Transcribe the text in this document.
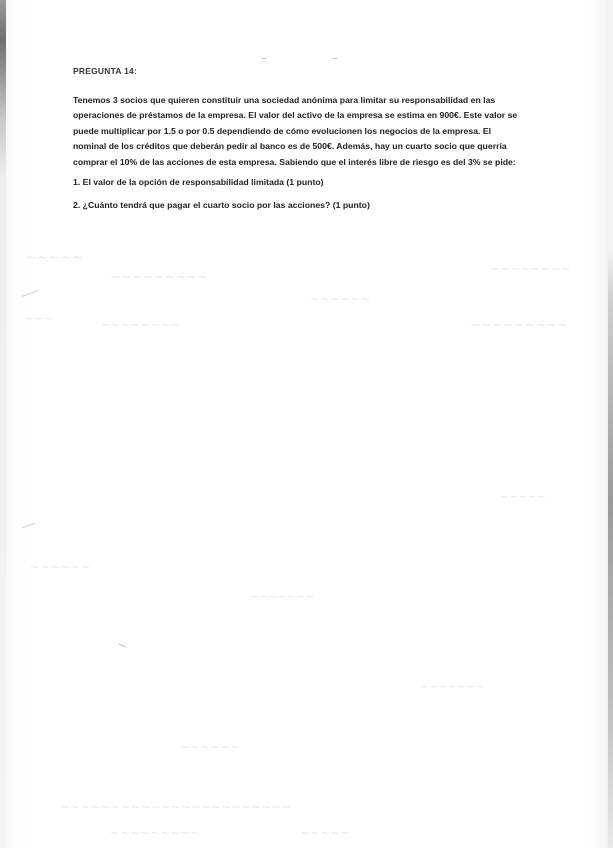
~~~~~
~~~~~~~~~
~~~~~~
~~~~~~~~
~~~	~~~~~~~~	~~~~~~~~~
~~~~~
~~~~~~~~~~~~~~~~~~~~~~~
~~~~~~~~~	~~~~~
~~~~~~
~~~~~~
~~~~~~~
~~~~~~~
PREGUNTA 14:

Tenemos 3 socios que quieren constituir una sociedad anónima para limitar su responsabilidad en las operaciones de préstamos de la empresa. El valor del activo de la empresa se estima en 900€. Este valor se puede multiplicar por 1.5 o por 0.5 dependiendo de cómo evolucionen los negocios de la empresa. El nominal de los créditos que deberán pedir al banco es de 500€. Además, hay un cuarto socio que querría comprar el 10% de las acciones de esta empresa. Sabiendo que el interés libre de riesgo es del 3% se pide:

1. El valor de la opción de responsabilidad limitada (1 punto)

2. ¿Cuánto tendrá que pagar el cuarto socio por las acciones? (1 punto)
